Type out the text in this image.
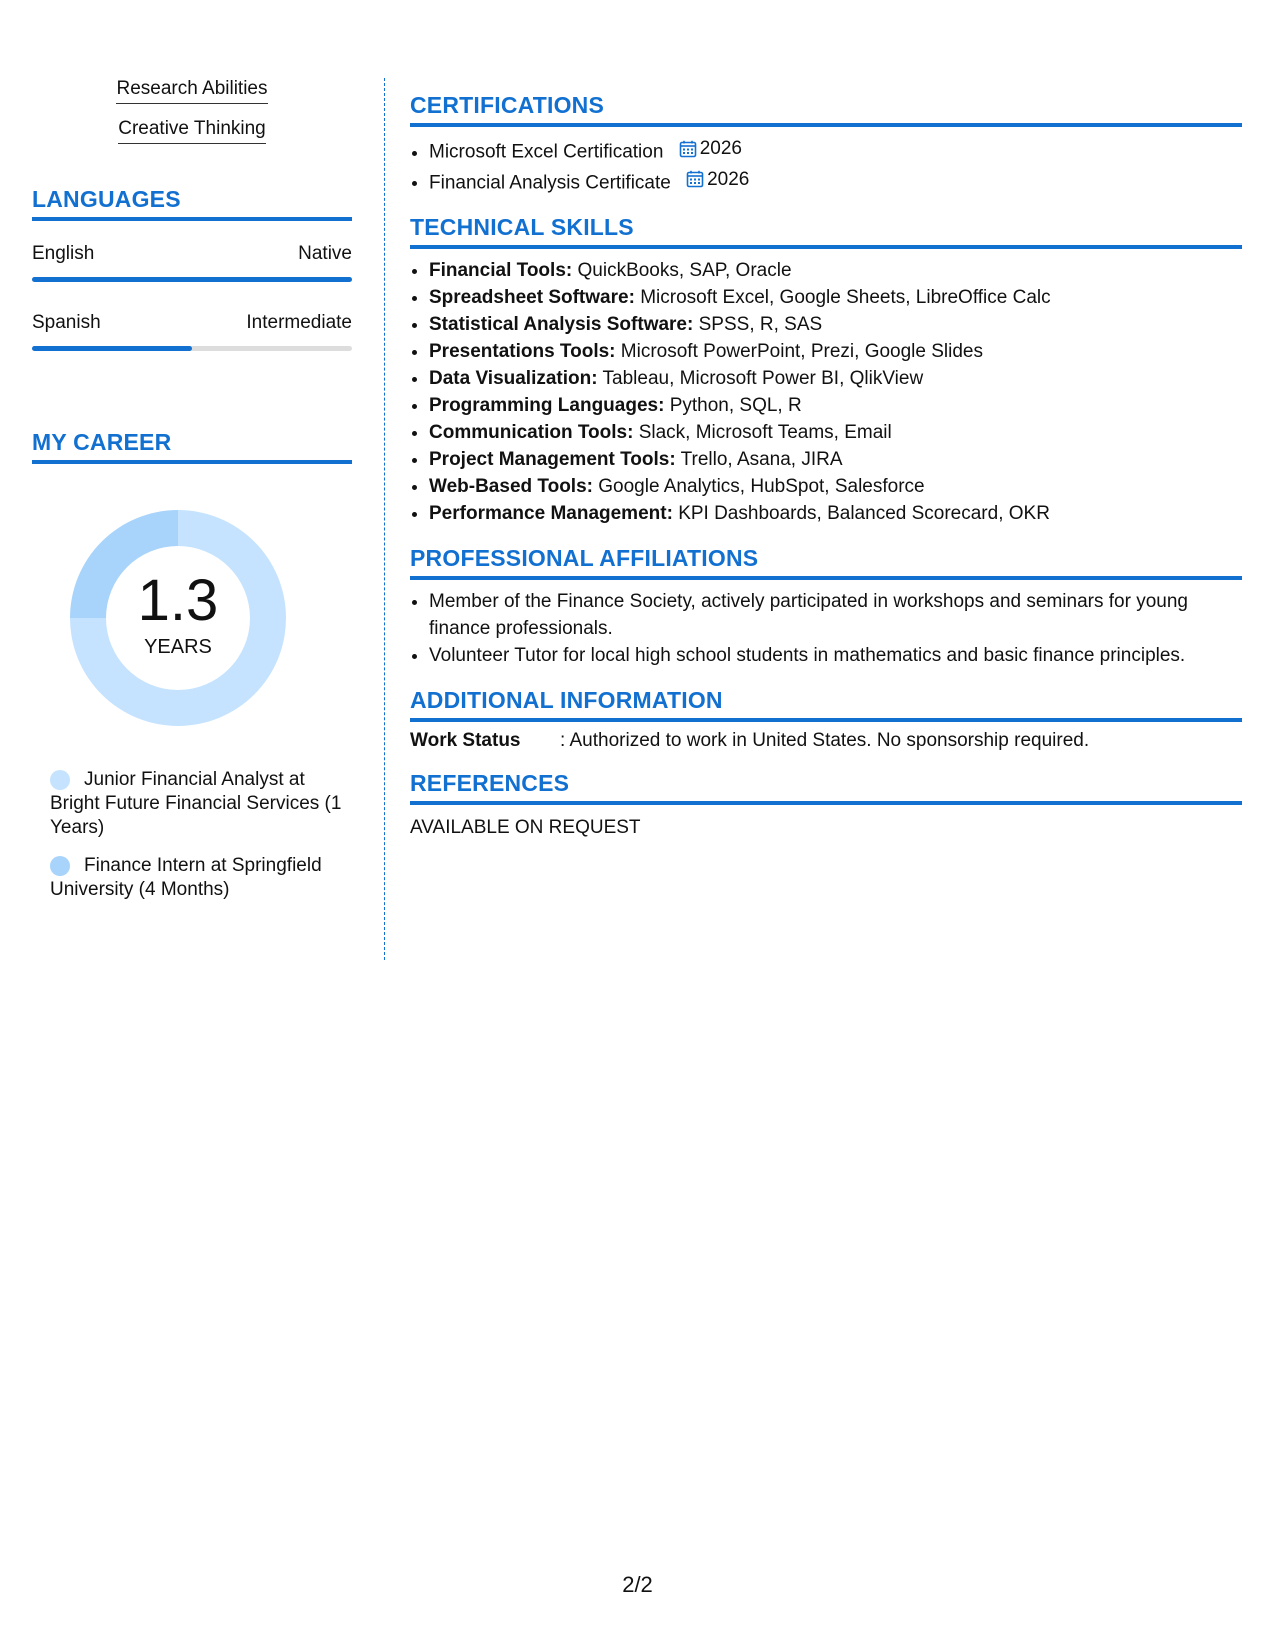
Research Abilities
Creative Thinking
LANGUAGES
English	Native
Spanish	Intermediate
MY CAREER
1.3
YEARS
Junior Financial Analyst at Bright Future Financial Services (1 Years)
Finance Intern at Springfield University (4 Months)
CERTIFICATIONS
• Microsoft Excel Certification 2026
• Financial Analysis Certificate 2026
TECHNICAL SKILLS
• Financial Tools: QuickBooks, SAP, Oracle
• Spreadsheet Software: Microsoft Excel, Google Sheets, LibreOffice Calc
• Statistical Analysis Software: SPSS, R, SAS
• Presentations Tools: Microsoft PowerPoint, Prezi, Google Slides
• Data Visualization: Tableau, Microsoft Power BI, QlikView
• Programming Languages: Python, SQL, R
• Communication Tools: Slack, Microsoft Teams, Email
• Project Management Tools: Trello, Asana, JIRA
• Web-Based Tools: Google Analytics, HubSpot, Salesforce
• Performance Management: KPI Dashboards, Balanced Scorecard, OKR
PROFESSIONAL AFFILIATIONS
• Member of the Finance Society, actively participated in workshops and seminars for young finance professionals.
• Volunteer Tutor for local high school students in mathematics and basic finance principles.
ADDITIONAL INFORMATION
Work Status	: Authorized to work in United States. No sponsorship required.
REFERENCES
AVAILABLE ON REQUEST
2/2
